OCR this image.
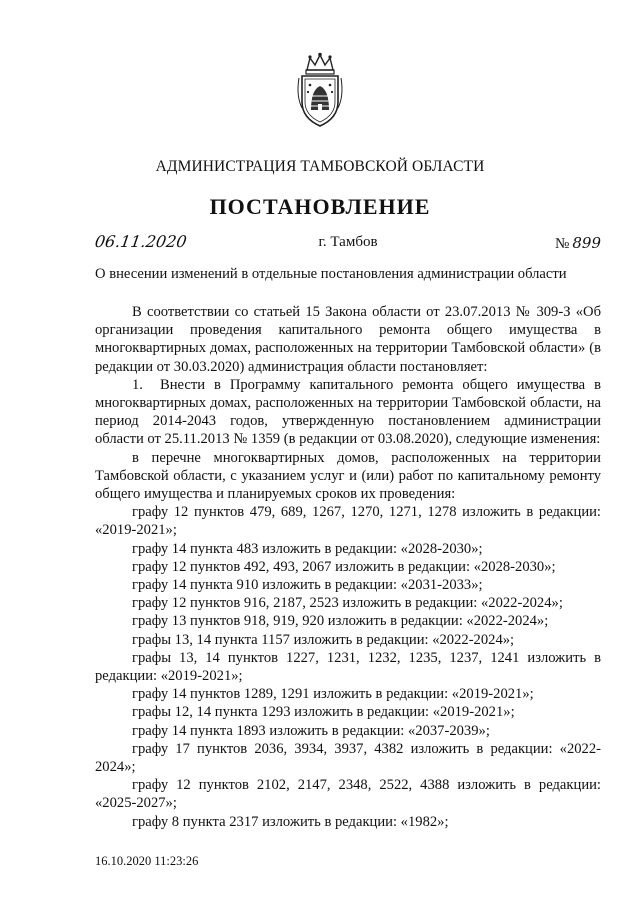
АДМИНИСТРАЦИЯ ТАМБОВСКОЙ ОБЛАСТИ
ПОСТАНОВЛЕНИЕ
06.11.2020	г. Тамбов	№ 899
О внесении изменений в отдельные постановления администрации области

В соответствии со статьей 15 Закона области от 23.07.2013 № 309-З «Об организации проведения капитального ремонта общего имущества в многоквартирных домах, расположенных на территории Тамбовской области» (в редакции от 30.03.2020) администрация области постановляет:

1. Внести в Программу капитального ремонта общего имущества в многоквартирных домах, расположенных на территории Тамбовской области, на период 2014-2043 годов, утвержденную постановлением администрации области от 25.11.2013 № 1359 (в редакции от 03.08.2020), следующие изменения:

в перечне многоквартирных домов, расположенных на территории Тамбовской области, с указанием услуг и (или) работ по капитальному ремонту общего имущества и планируемых сроков их проведения:

графу 12 пунктов 479, 689, 1267, 1270, 1271, 1278 изложить в редакции: «2019-2021»;

графу 14 пункта 483 изложить в редакции: «2028-2030»;

графу 12 пунктов 492, 493, 2067 изложить в редакции: «2028-2030»;

графу 14 пункта 910 изложить в редакции: «2031-2033»;

графу 12 пунктов 916, 2187, 2523 изложить в редакции: «2022-2024»;

графу 13 пунктов 918, 919, 920 изложить в редакции: «2022-2024»;

графы 13, 14 пункта 1157 изложить в редакции: «2022-2024»;

графы 13, 14 пунктов 1227, 1231, 1232, 1235, 1237, 1241 изложить в редакции: «2019-2021»;

графу 14 пунктов 1289, 1291 изложить в редакции: «2019-2021»;

графы 12, 14 пункта 1293 изложить в редакции: «2019-2021»;

графу 14 пункта 1893 изложить в редакции: «2037-2039»;

графу 17 пунктов 2036, 3934, 3937, 4382 изложить в редакции: «2022-2024»;

графу 12 пунктов 2102, 2147, 2348, 2522, 4388 изложить в редакции: «2025-2027»;

графу 8 пункта 2317 изложить в редакции: «1982»;

16.10.2020 11:23:26
